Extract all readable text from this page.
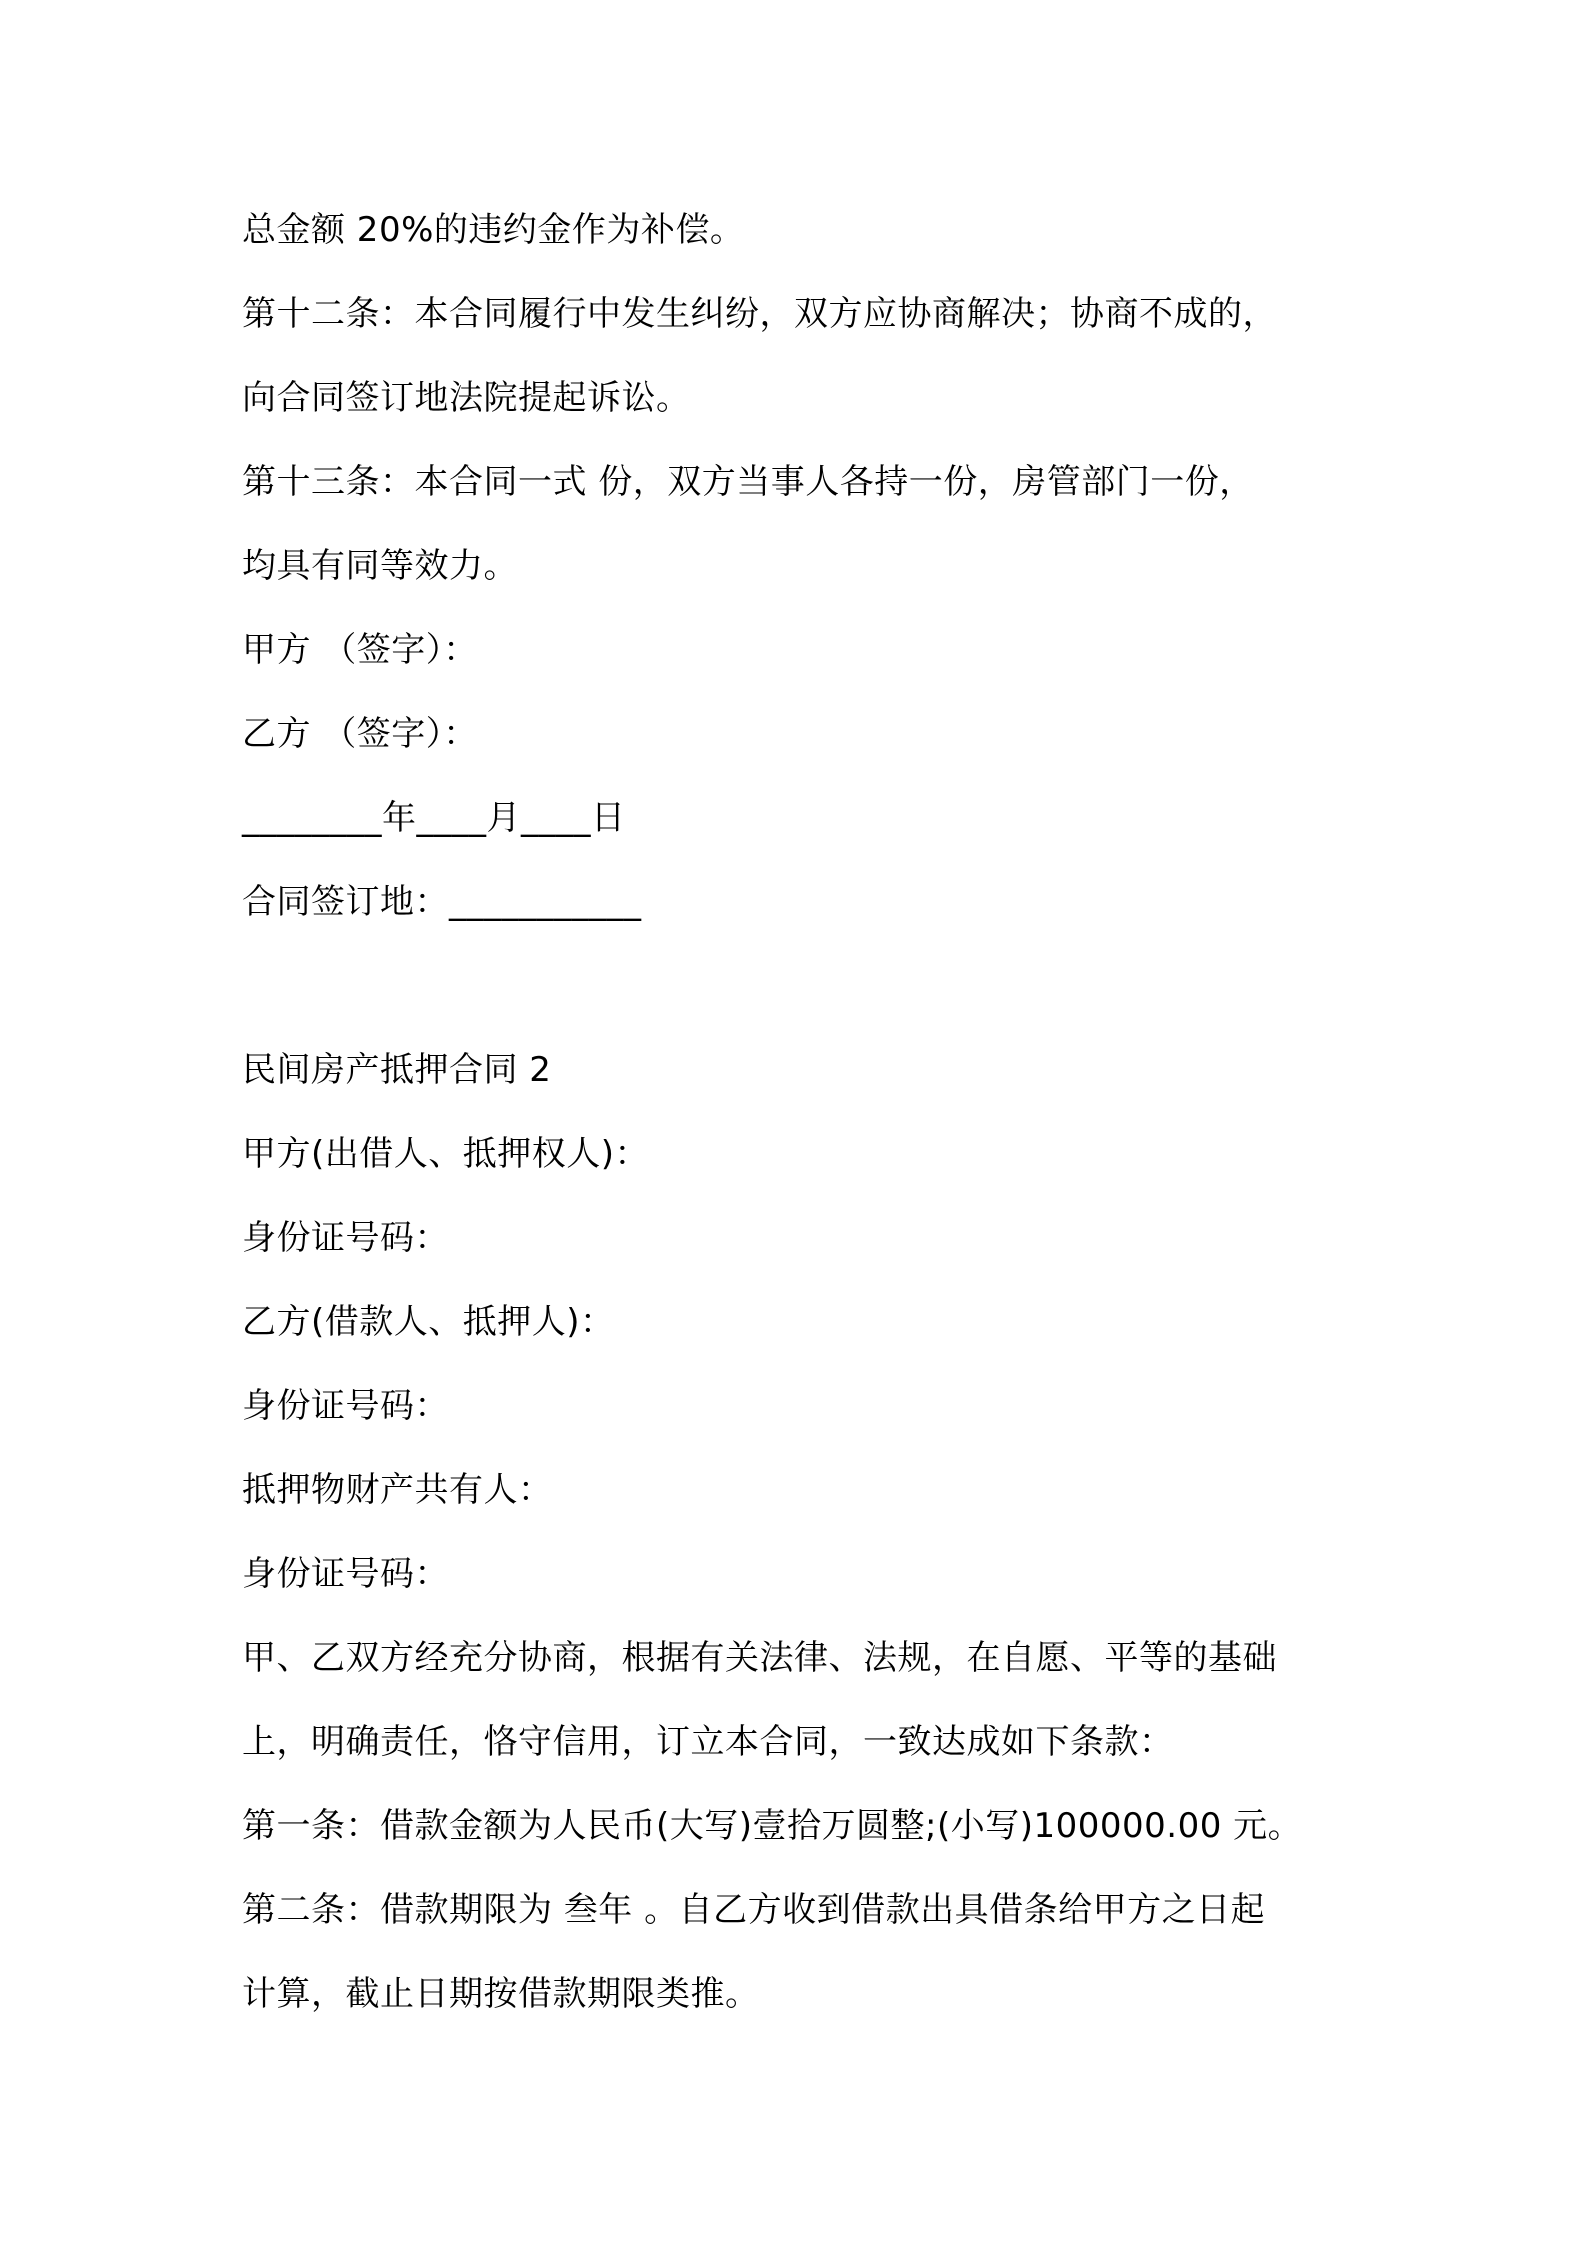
总金额 20%的违约金作为补偿。
第十二条：本合同履行中发生纠纷，双方应协商解决；协商不成的，
向合同签订地法院提起诉讼。
第十三条：本合同一式 份，双方当事人各持一份，房管部门一份，
均具有同等效力。
甲方 （签字）：
乙方 （签字）：
________年____月____日
合同签订地：___________
民间房产抵押合同 2
甲方(出借人、抵押权人)：
身份证号码：
乙方(借款人、抵押人)：
身份证号码：
抵押物财产共有人：
身份证号码：
甲、乙双方经充分协商，根据有关法律、法规，在自愿、平等的基础
上，明确责任，恪守信用，订立本合同，一致达成如下条款：
第一条：借款金额为人民币(大写)壹拾万圆整;(小写)100000.00 元。
第二条：借款期限为 叁年 。自乙方收到借款出具借条给甲方之日起
计算，截止日期按借款期限类推。
